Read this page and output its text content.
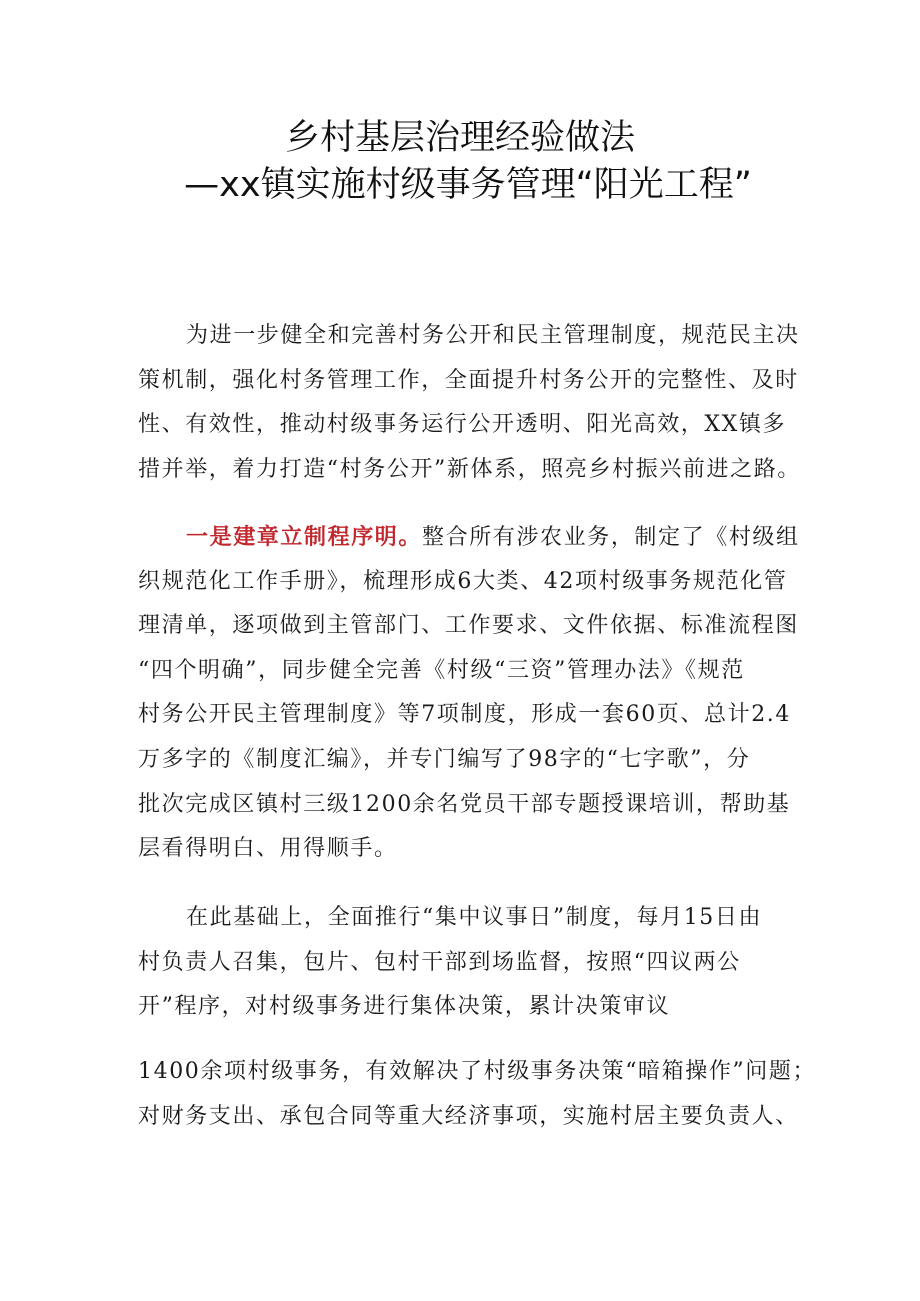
乡村基层治理经验做法
—xx镇实施村级事务管理“阳光工程”

为进一步健全和完善村务公开和民主管理制度，规范民主决
策机制，强化村务管理工作，全面提升村务公开的完整性、及时
性、有效性，推动村级事务运行公开透明、阳光高效，XX镇多
措并举，着力打造“村务公开”新体系，照亮乡村振兴前进之路。

一是建章立制程序明。整合所有涉农业务，制定了《村级组
织规范化工作手册》，梳理形成6大类、42项村级事务规范化管
理清单，逐项做到主管部门、工作要求、文件依据、标准流程图
“四个明确”，同步健全完善《村级“三资”管理办法》《规范
村务公开民主管理制度》等7项制度，形成一套60页、总计2.4
万多字的《制度汇编》，并专门编写了98字的“七字歌”，分
批次完成区镇村三级1200余名党员干部专题授课培训，帮助基
层看得明白、用得顺手。

在此基础上，全面推行“集中议事日”制度，每月15日由
村负责人召集，包片、包村干部到场监督，按照“四议两公
开”程序，对村级事务进行集体决策，累计决策审议

1400余项村级事务，有效解决了村级事务决策“暗箱操作”问题；
对财务支出、承包合同等重大经济事项，实施村居主要负责人、
